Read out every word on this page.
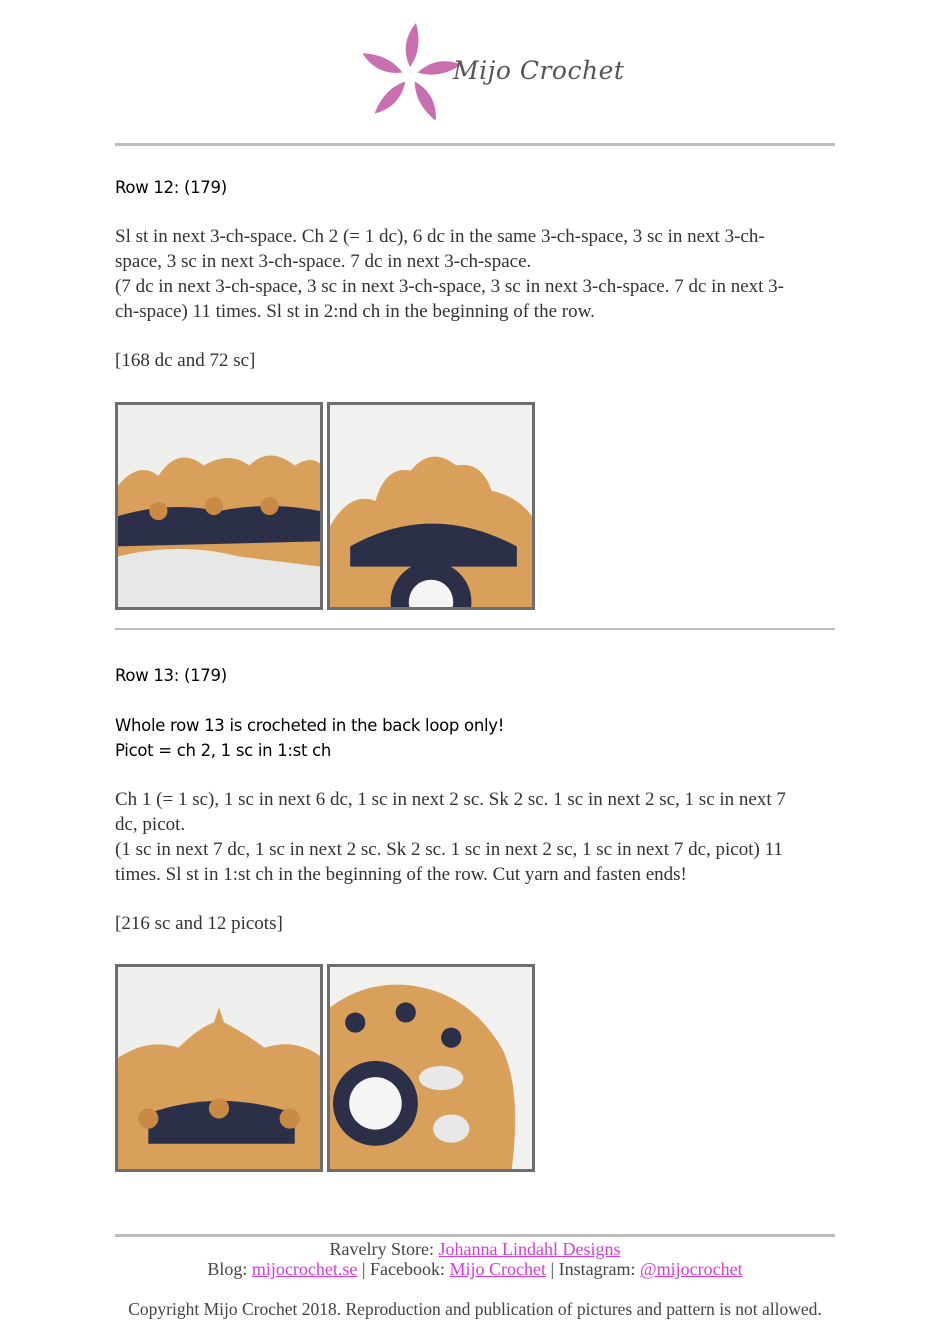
Mijo Crochet
Row 12: (179)
Sl st in next 3-ch-space. Ch 2 (= 1 dc), 6 dc in the same 3-ch-space, 3 sc in next 3-ch-
space, 3 sc in next 3-ch-space. 7 dc in next 3-ch-space.
(7 dc in next 3-ch-space, 3 sc in next 3-ch-space, 3 sc in next 3-ch-space. 7 dc in next 3-
ch-space) 11 times. Sl st in 2:nd ch in the beginning of the row.
[168 dc and 72 sc]
Row 13: (179)
Whole row 13 is crocheted in the back loop only!
Picot = ch 2, 1 sc in 1:st ch
Ch 1 (= 1 sc), 1 sc in next 6 dc, 1 sc in next 2 sc. Sk 2 sc. 1 sc in next 2 sc, 1 sc in next 7
dc, picot.
(1 sc in next 7 dc, 1 sc in next 2 sc. Sk 2 sc. 1 sc in next 2 sc, 1 sc in next 7 dc, picot) 11
times. Sl st in 1:st ch in the beginning of the row. Cut yarn and fasten ends!
[216 sc and 12 picots]
Ravelry Store: Johanna Lindahl Designs
Blog: mijocrochet.se | Facebook: Mijo Crochet | Instagram: @mijocrochet
Copyright Mijo Crochet 2018. Reproduction and publication of pictures and pattern is not allowed.
